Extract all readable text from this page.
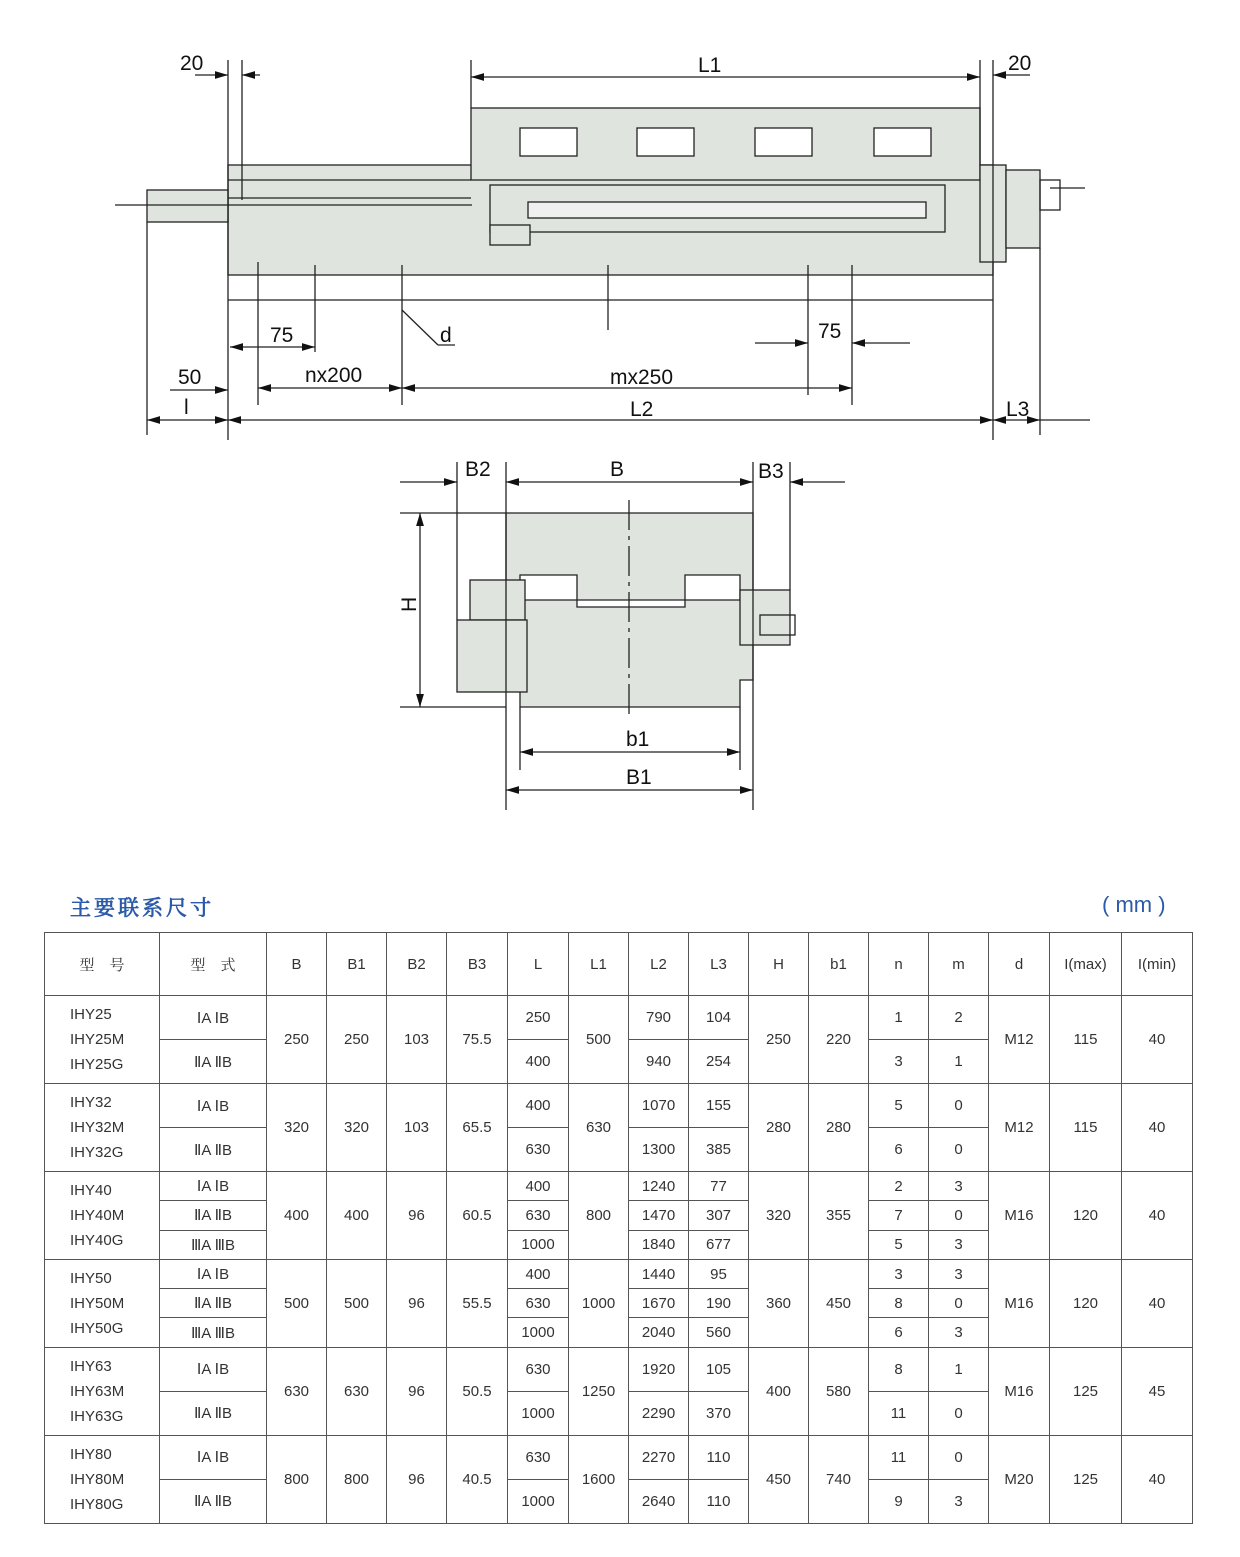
20	L1	20
75	d	75
50	nx200	mx250
l	L2	L3
B2	B	B3
H
b1
B1
主要联系尺寸	( mm )
型　号	型　式	B	B1	B2	B3	L	L1	L2	L3	H	b1	n	m	d	I(max)	I(min)

IHY25
IHY25M
IHY25G	ⅠA ⅠB	250	250	103	75.5	250	500	790	104	250	220	1	2	M12	115	40
	ⅡA ⅡB					400		940	254			3	1			

IHY32
IHY32M
IHY32G	ⅠA ⅠB	320	320	103	65.5	400	630	1070	155	280	280	5	0	M12	115	40
	ⅡA ⅡB					630		1300	385			6	0			

IHY40
IHY40M
IHY40G	ⅠA ⅠB	400	400	96	60.5	400	800	1240	77	320	355	2	3	M16	120	40
	ⅡA ⅡB					630		1470	307			7	0			
	ⅢA ⅢB					1000		1840	677			5	3			

IHY50
IHY50M
IHY50G	ⅠA ⅠB	500	500	96	55.5	400	1000	1440	95	360	450	3	3	M16	120	40
	ⅡA ⅡB					630		1670	190			8	0			
	ⅢA ⅢB					1000		2040	560			6	3			

IHY63
IHY63M
IHY63G	ⅠA ⅠB	630	630	96	50.5	630	1250	1920	105	400	580	8	1	M16	125	45
	ⅡA ⅡB					1000		2290	370			11	0			

IHY80
IHY80M
IHY80G	ⅠA ⅠB	800	800	96	40.5	630	1600	2270	110	450	740	11	0	M20	125	40
	ⅡA ⅡB					1000		2640	110			9	3			
